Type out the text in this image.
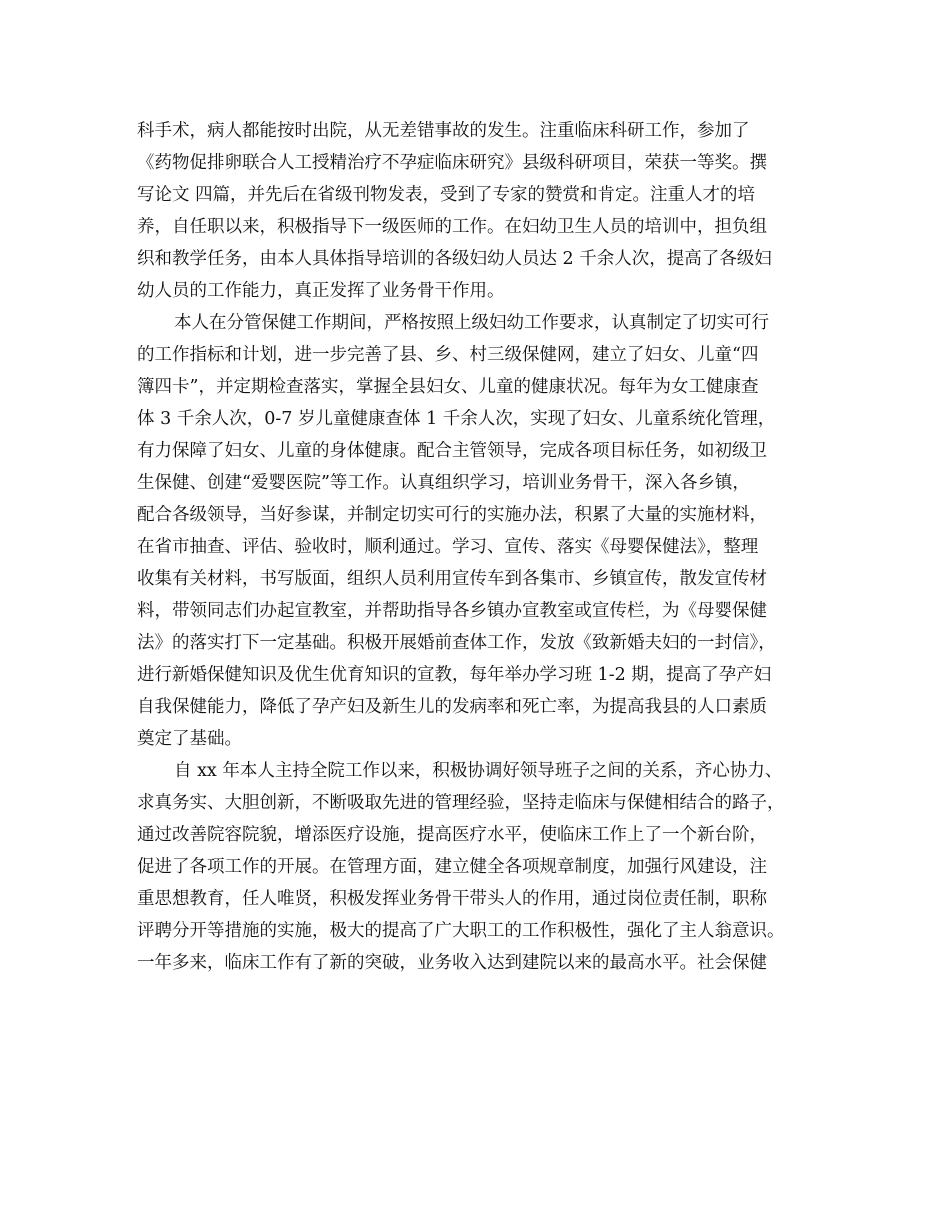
科手术，病人都能按时出院，从无差错事故的发生。注重临床科研工作，参加了
《药物促排卵联合人工授精治疗不孕症临床研究》县级科研项目，荣获一等奖。撰
写论文 四篇，并先后在省级刊物发表，受到了专家的赞赏和肯定。注重人才的培
养，自任职以来，积极指导下一级医师的工作。在妇幼卫生人员的培训中，担负组
织和教学任务，由本人具体指导培训的各级妇幼人员达 2 千余人次，提高了各级妇
幼人员的工作能力，真正发挥了业务骨干作用。
本人在分管保健工作期间，严格按照上级妇幼工作要求，认真制定了切实可行
的工作指标和计划，进一步完善了县、乡、村三级保健网，建立了妇女、儿童“四
簿四卡”，并定期检查落实，掌握全县妇女、儿童的健康状况。每年为女工健康查
体 3 千余人次，0-7 岁儿童健康查体 1 千余人次，实现了妇女、儿童系统化管理，
有力保障了妇女、儿童的身体健康。配合主管领导，完成各项目标任务，如初级卫
生保健、创建“爱婴医院”等工作。认真组织学习，培训业务骨干，深入各乡镇，
配合各级领导，当好参谋，并制定切实可行的实施办法，积累了大量的实施材料，
在省市抽查、评估、验收时，顺利通过。学习、宣传、落实《母婴保健法》，整理
收集有关材料，书写版面，组织人员利用宣传车到各集市、乡镇宣传，散发宣传材
料，带领同志们办起宣教室，并帮助指导各乡镇办宣教室或宣传栏，为《母婴保健
法》的落实打下一定基础。积极开展婚前查体工作，发放《致新婚夫妇的一封信》，
进行新婚保健知识及优生优育知识的宣教，每年举办学习班 1-2 期，提高了孕产妇
自我保健能力，降低了孕产妇及新生儿的发病率和死亡率，为提高我县的人口素质
奠定了基础。
自 xx 年本人主持全院工作以来，积极协调好领导班子之间的关系，齐心协力、
求真务实、大胆创新，不断吸取先进的管理经验，坚持走临床与保健相结合的路子，
通过改善院容院貌，增添医疗设施，提高医疗水平，使临床工作上了一个新台阶，
促进了各项工作的开展。在管理方面，建立健全各项规章制度，加强行风建设，注
重思想教育，任人唯贤，积极发挥业务骨干带头人的作用，通过岗位责任制，职称
评聘分开等措施的实施，极大的提高了广大职工的工作积极性，强化了主人翁意识。
一年多来，临床工作有了新的突破，业务收入达到建院以来的最高水平。社会保健
